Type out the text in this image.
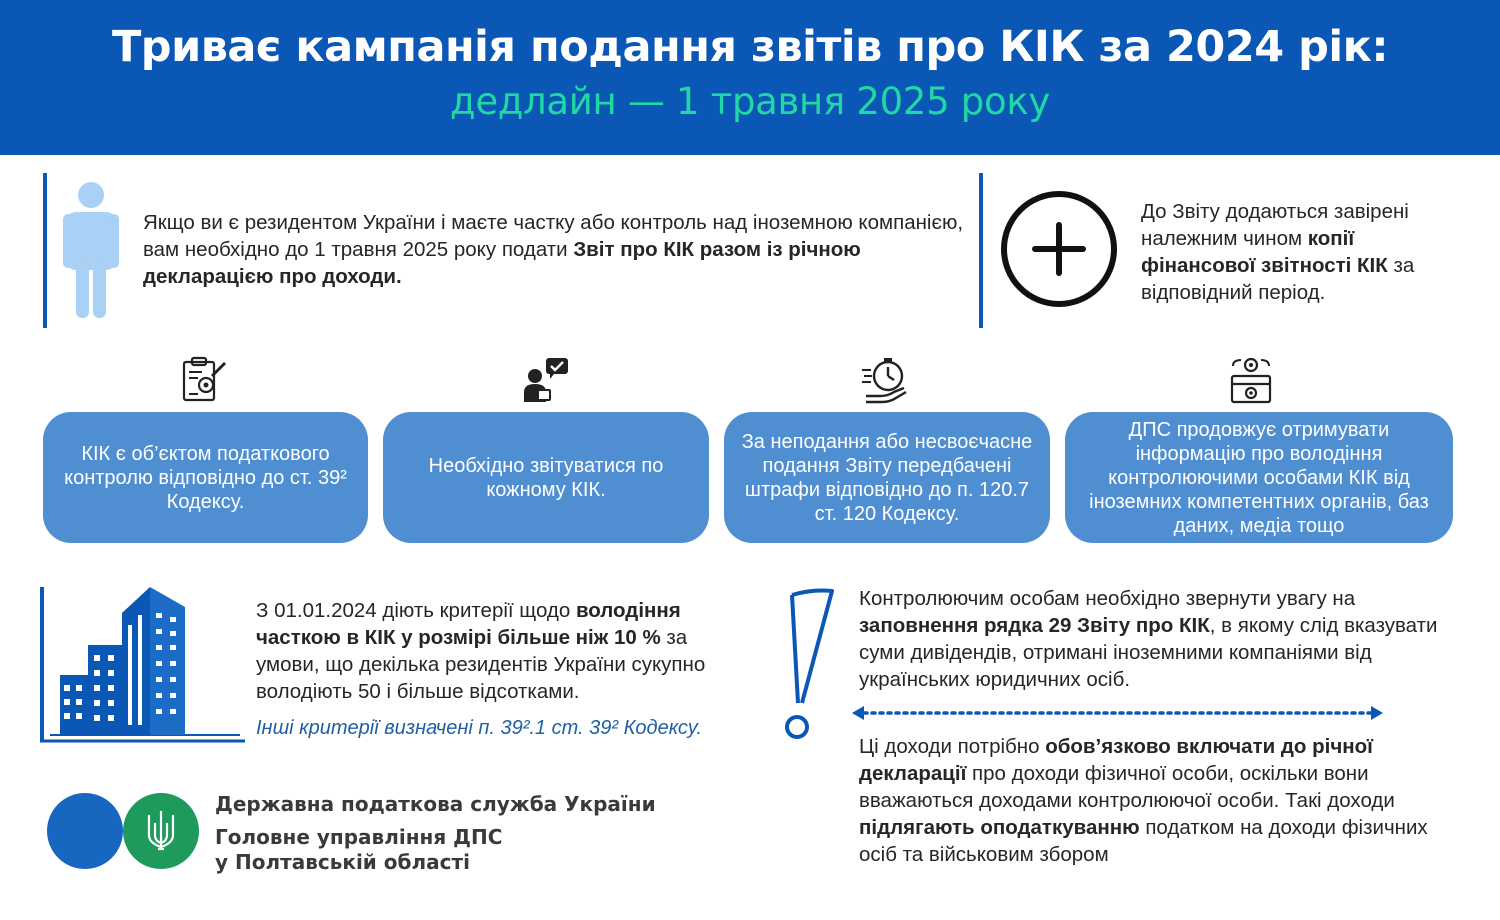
Триває кампанія подання звітів про КІК за 2024 рік:
дедлайн — 1 травня 2025 року
Якщо ви є резидентом України і маєте частку або контроль над іноземною компанією, вам необхідно до 1 травня 2025 року подати Звіт про КІК разом із річною декларацією про доходи.
До Звіту додаються завірені належним чином копії фінансової звітності КІК за відповідний період.
КІК є об’єктом податкового контролю відповідно до ст. 39² Кодексу.
Необхідно звітуватися по кожному КІК.
За неподання або несвоєчасне подання Звіту передбачені штрафи відповідно до п. 120.7 ст. 120 Кодексу.
ДПС продовжує отримувати інформацію про володіння контролюючими особами КІК від іноземних компетентних органів, баз даних, медіа тощо
З 01.01.2024 діють критерії щодо володіння часткою в КІК у розмірі більше ніж 10 % за умови, що декілька резидентів України сукупно володіють 50 і більше відсотками.
Інші критерії визначені п. 39².1 ст. 39² Кодексу.
Контролюючим особам необхідно звернути увагу на заповнення рядка 29 Звіту про КІК, в якому слід вказувати суми дивідендів, отримані іноземними компаніями від українських юридичних осіб.
Ці доходи потрібно обов’язково включати до річної декларації про доходи фізичної особи, оскільки вони вважаються доходами контролюючої особи. Такі доходи підлягають оподаткуванню податком на доходи фізичних осіб та військовим збором
Державна податкова служба України
Головне управління ДПС
у Полтавській області
